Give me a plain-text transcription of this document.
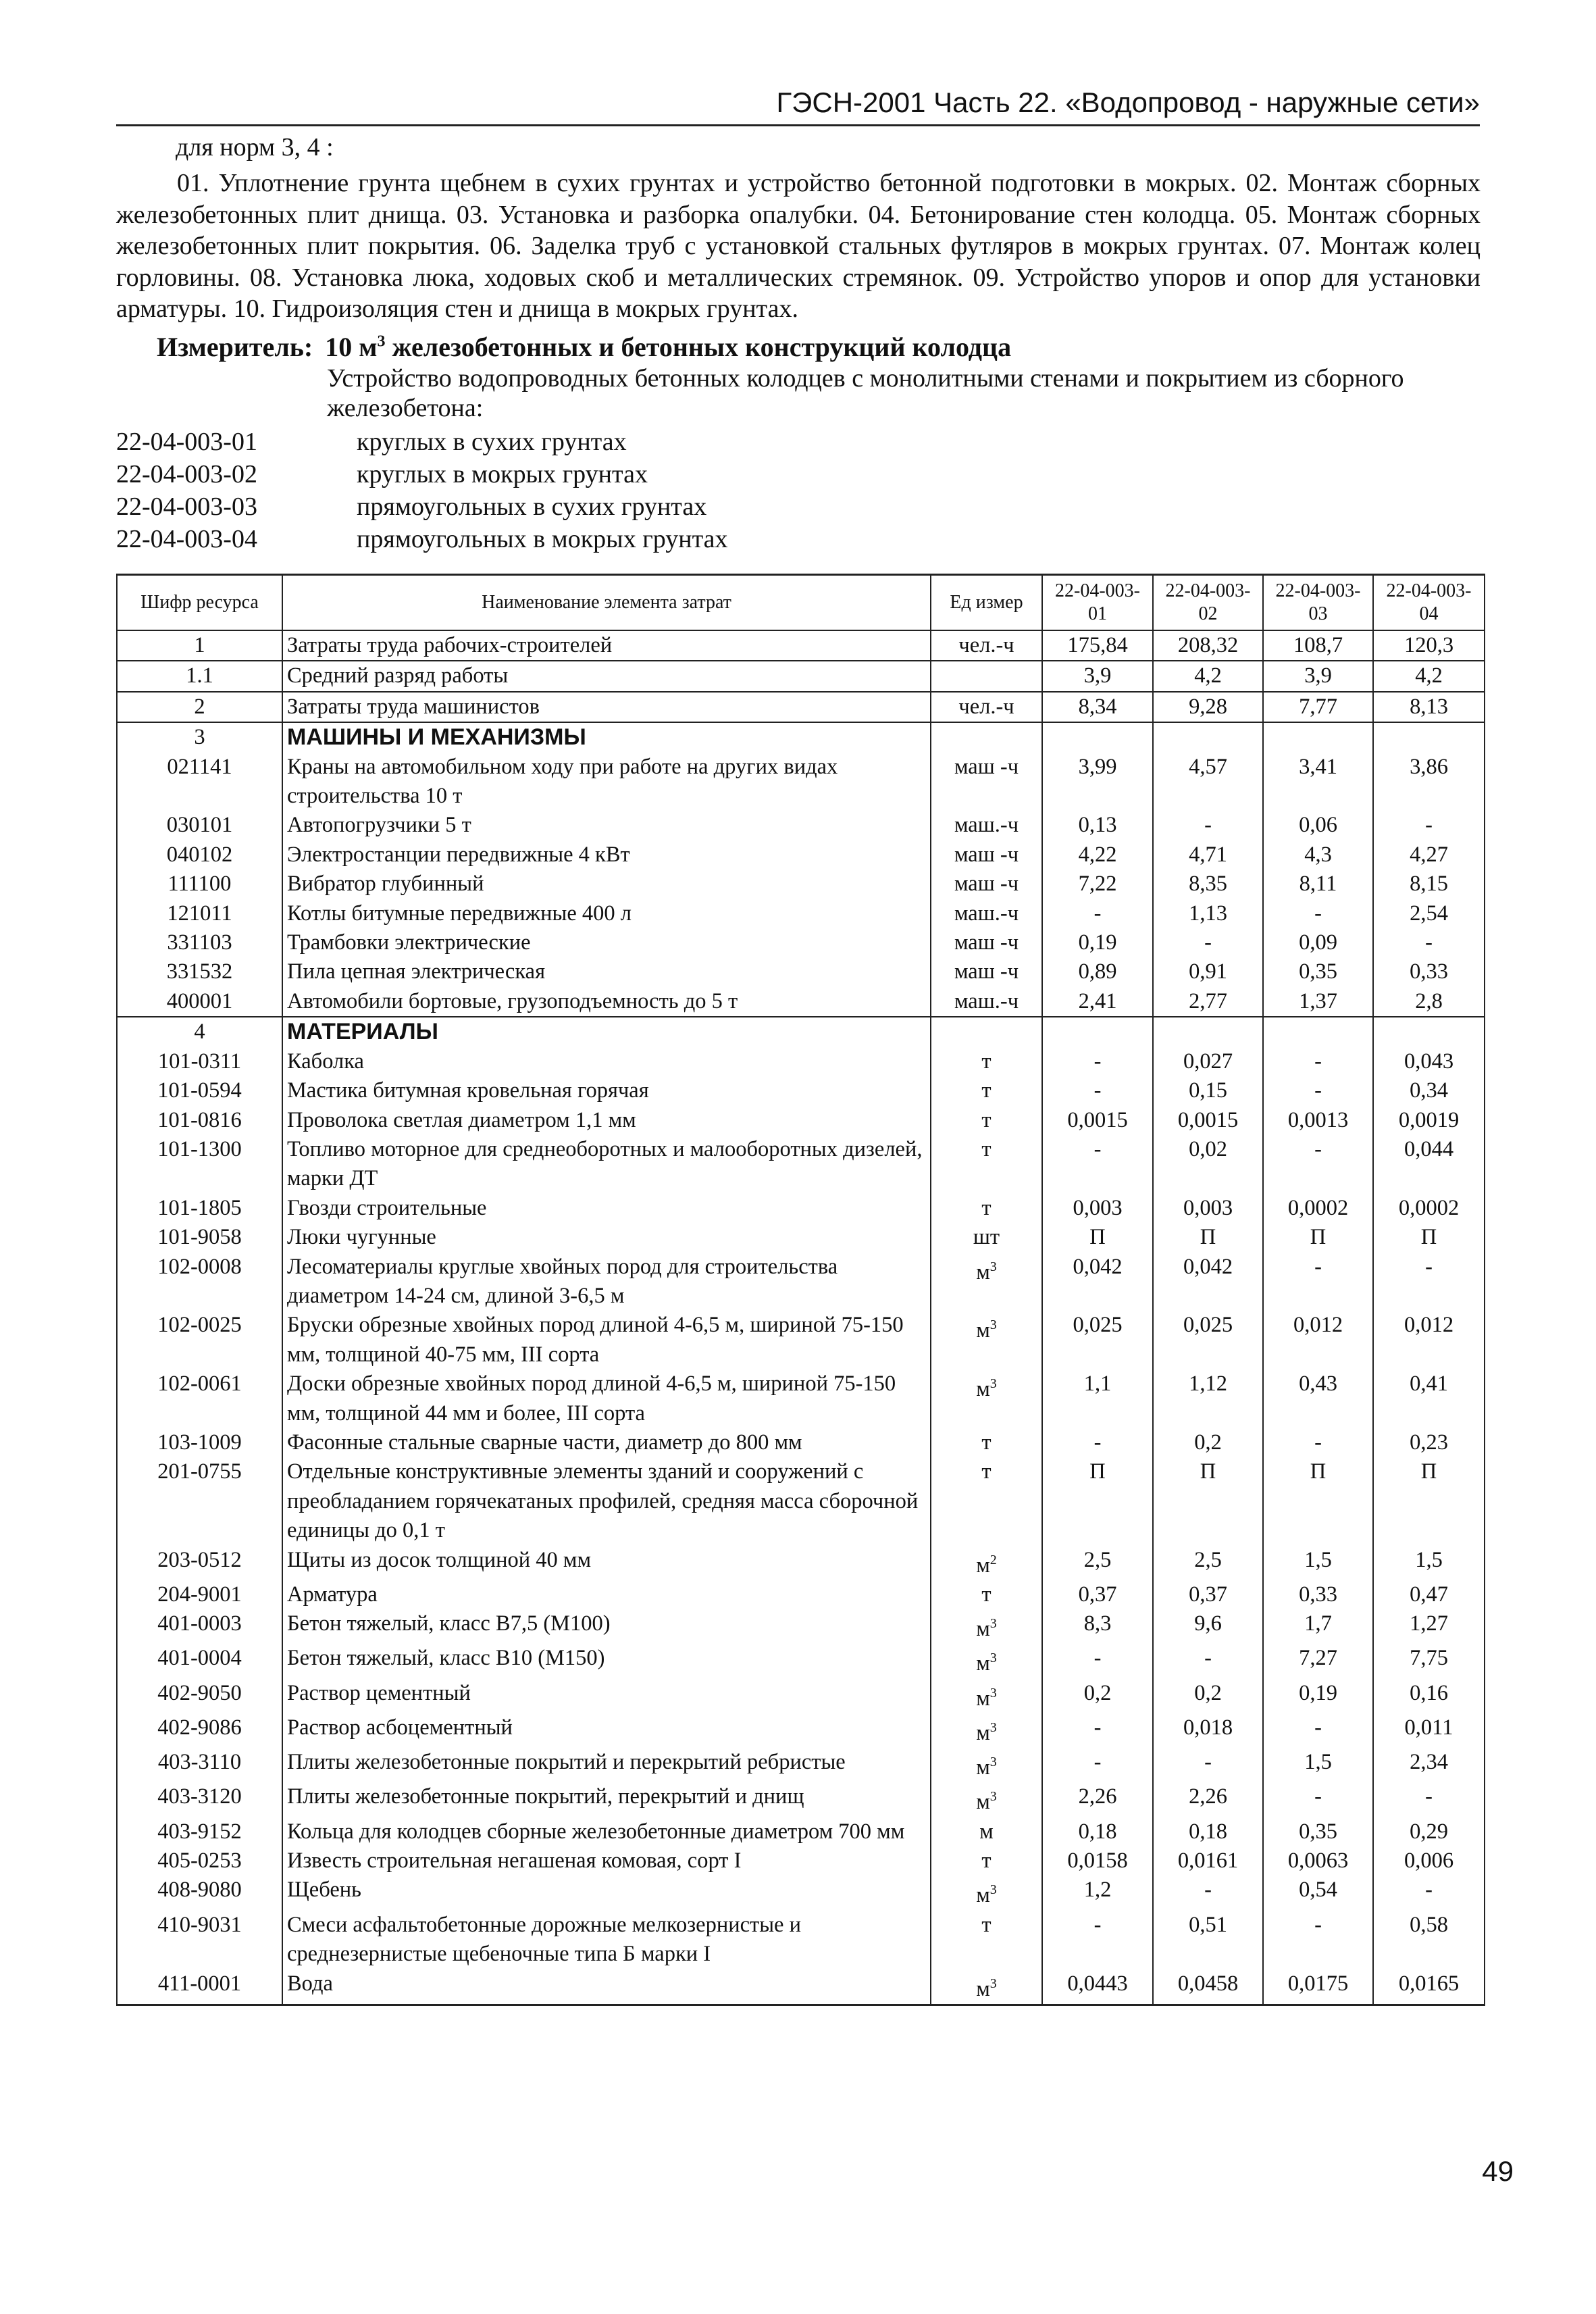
ГЭСН-2001 Часть 22. «Водопровод - наружные сети»
для норм 3, 4 :
01. Уплотнение грунта щебнем в сухих грунтах и устройство бетонной подготовки в мокрых. 02. Монтаж сборных железобетонных плит днища. 03. Установка и разборка опалубки. 04. Бетонирование стен колодца. 05. Монтаж сборных железобетонных плит покрытия. 06. Заделка труб с установкой стальных футляров в мокрых грунтах. 07. Монтаж колец горловины. 08. Установка люка, ходовых скоб и металлических стремянок. 09. Устройство упоров и опор для установки арматуры. 10. Гидроизоляция стен и днища в мокрых грунтах.
Измеритель: 10 $м^3$ железобетонных и бетонных конструкций колодца
Устройство водопроводных бетонных колодцев с монолитными стенами и покрытием из сборного железобетона:
22-04-003-01	круглых в сухих грунтах
22-04-003-02	круглых в мокрых грунтах
22-04-003-03	прямоугольных в сухих грунтах
22-04-003-04	прямоугольных в мокрых грунтах
Шифр ресурса	Наименование элемента затрат	Ед измер	22-04-003-01	22-04-003-02	22-04-003-03	22-04-003-04
1	Затраты труда рабочих-строителей	чел.-ч	175,84	208,32	108,7	120,3
1.1	Средний разряд работы		3,9	4,2	3,9	4,2
2	Затраты труда машинистов	чел.-ч	8,34	9,28	7,77	8,13
3	МАШИНЫ И МЕХАНИЗМЫ					
021141	Краны на автомобильном ходу при работе на других видах строительства 10 т	маш -ч	3,99	4,57	3,41	3,86
030101	Автопогрузчики 5 т	маш.-ч	0,13	-	0,06	-
040102	Электростанции передвижные 4 кВт	маш -ч	4,22	4,71	4,3	4,27
111100	Вибратор глубинный	маш -ч	7,22	8,35	8,11	8,15
121011	Котлы битумные передвижные 400 л	маш.-ч	-	1,13	-	2,54
331103	Трамбовки электрические	маш -ч	0,19	-	0,09	-
331532	Пила цепная электрическая	маш -ч	0,89	0,91	0,35	0,33
400001	Автомобили бортовые, грузоподъемность до 5 т	маш.-ч	2,41	2,77	1,37	2,8
4	МАТЕРИАЛЫ					
101-0311	Каболка	т	-	0,027	-	0,043
101-0594	Мастика битумная кровельная горячая	т	-	0,15	-	0,34
101-0816	Проволока светлая диаметром 1,1 мм	т	0,0015	0,0015	0,0013	0,0019
101-1300	Топливо моторное для среднеоборотных и малооборотных дизелей, марки ДТ	т	-	0,02	-	0,044
101-1805	Гвозди строительные	т	0,003	0,003	0,0002	0,0002
101-9058	Люки чугунные	шт	П	П	П	П
102-0008	Лесоматериалы круглые хвойных пород для строительства диаметром 14-24 см, длиной 3-6,5 м	$м^3$	0,042	0,042	-	-
102-0025	Бруски обрезные хвойных пород длиной 4-6,5 м, шириной 75-150 мм, толщиной 40-75 мм, III сорта	$м^3$	0,025	0,025	0,012	0,012
102-0061	Доски обрезные хвойных пород длиной 4-6,5 м, шириной 75-150 мм, толщиной 44 мм и более, III сорта	$м^3$	1,1	1,12	0,43	0,41
103-1009	Фасонные стальные сварные части, диаметр до 800 мм	т	-	0,2	-	0,23
201-0755	Отдельные конструктивные элементы зданий и сооружений с преобладанием горячекатаных профилей, средняя масса сборочной единицы до 0,1 т	т	П	П	П	П
203-0512	Щиты из досок толщиной 40 мм	$м^2$	2,5	2,5	1,5	1,5
204-9001	Арматура	т	0,37	0,37	0,33	0,47
401-0003	Бетон тяжелый, класс В7,5 (М100)	$м^3$	8,3	9,6	1,7	1,27
401-0004	Бетон тяжелый, класс В10 (М150)	$м^3$	-	-	7,27	7,75
402-9050	Раствор цементный	$м^3$	0,2	0,2	0,19	0,16
402-9086	Раствор асбоцементный	$м^3$	-	0,018	-	0,011
403-3110	Плиты железобетонные покрытий и перекрытий ребристые	$м^3$	-	-	1,5	2,34
403-3120	Плиты железобетонные покрытий, перекрытий и днищ	$м^3$	2,26	2,26	-	-
403-9152	Кольца для колодцев сборные железобетонные диаметром 700 мм	м	0,18	0,18	0,35	0,29
405-0253	Известь строительная негашеная комовая, сорт I	т	0,0158	0,0161	0,0063	0,006
408-9080	Щебень	$м^3$	1,2	-	0,54	-
410-9031	Смеси асфальтобетонные дорожные мелкозернистые и среднезернистые щебеночные типа Б марки I	т	-	0,51	-	0,58
411-0001	Вода	$м^3$	0,0443	0,0458	0,0175	0,0165
49
